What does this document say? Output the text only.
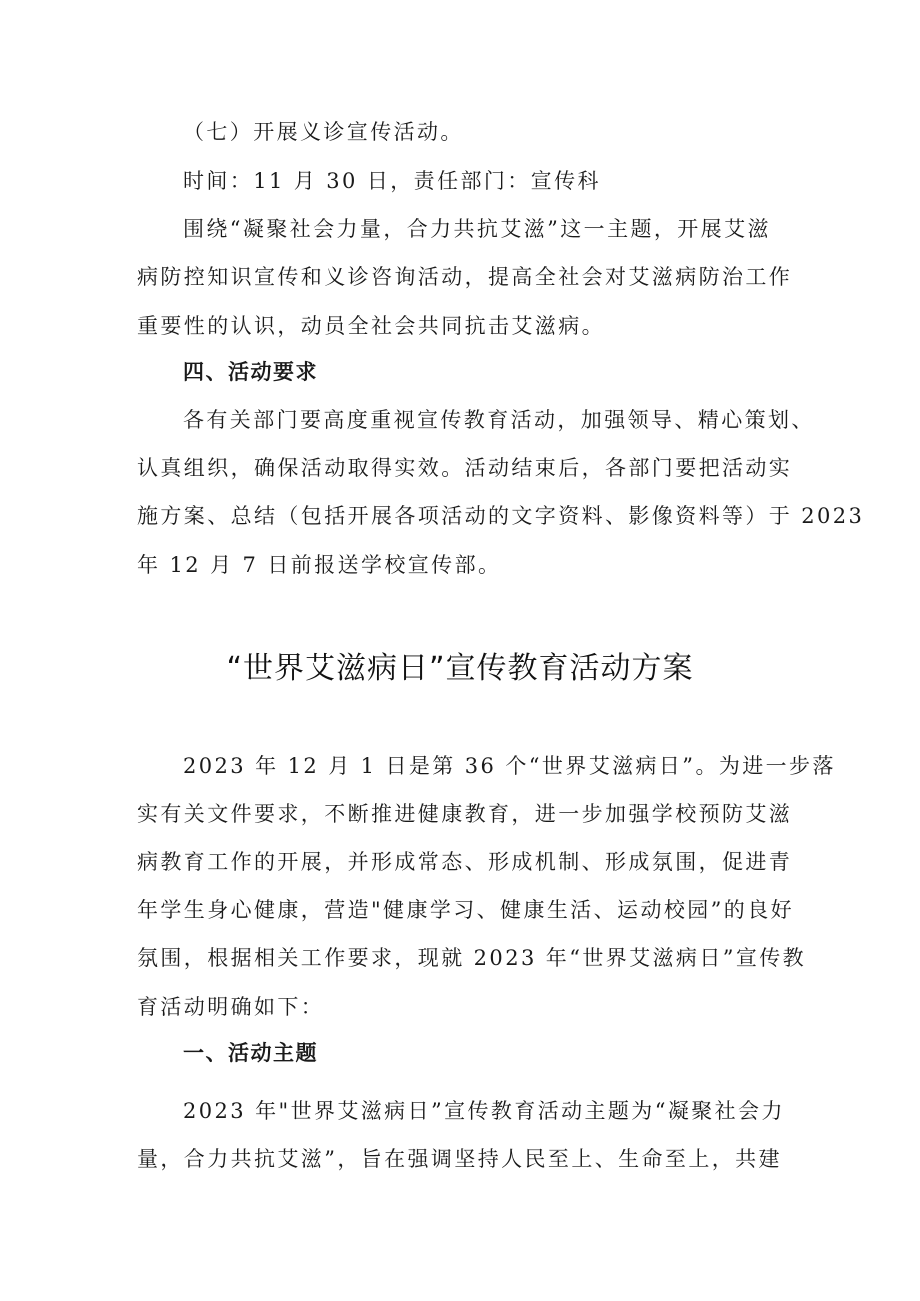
（七）开展义诊宣传活动。
时间：11 月 30 日，责任部门：宣传科
围绕“凝聚社会力量，合力共抗艾滋”这一主题，开展艾滋
病防控知识宣传和义诊咨询活动，提高全社会对艾滋病防治工作
重要性的认识，动员全社会共同抗击艾滋病。
四、活动要求
各有关部门要高度重视宣传教育活动，加强领导、精心策划、
认真组织，确保活动取得实效。活动结束后，各部门要把活动实
施方案、总结（包括开展各项活动的文字资料、影像资料等）于 2023
年 12 月 7 日前报送学校宣传部。
“世界艾滋病日”宣传教育活动方案
2023 年 12 月 1 日是第 36 个“世界艾滋病日”。为进一步落
实有关文件要求，不断推进健康教育，进一步加强学校预防艾滋
病教育工作的开展，并形成常态、形成机制、形成氛围，促进青
年学生身心健康，营造"健康学习、健康生活、运动校园”的良好
氛围，根据相关工作要求，现就 2023 年“世界艾滋病日”宣传教
育活动明确如下：
一、活动主题
2023 年"世界艾滋病日”宣传教育活动主题为“凝聚社会力
量，合力共抗艾滋”，旨在强调坚持人民至上、生命至上，共建
